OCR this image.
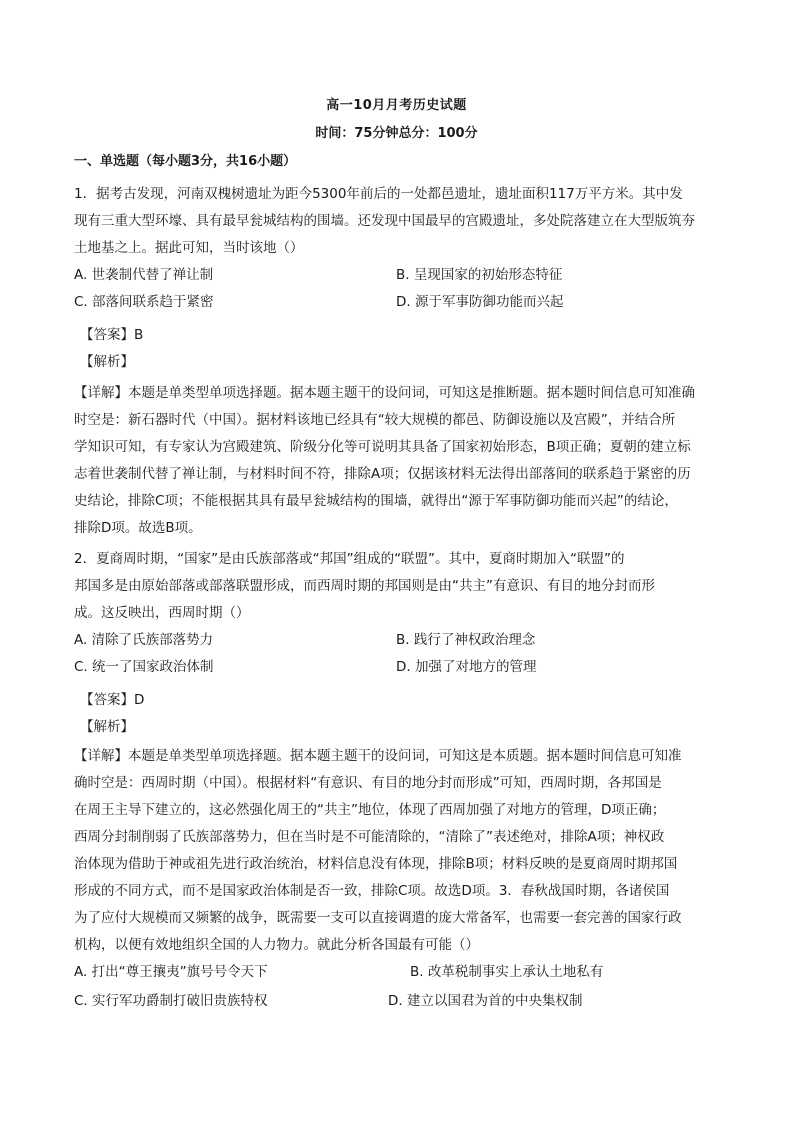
高一10月月考历史试题
时间：75分钟总分：100分
一、单选题（每小题3分，共16小题）
1．据考古发现，河南双槐树遗址为距今5300年前后的一处都邑遗址，遗址面积117万平方米。其中发
现有三重大型环壕、具有最早瓮城结构的围墙。还发现中国最早的宫殿遗址，多处院落建立在大型版筑夯
土地基之上。据此可知，当时该地（）
A. 世袭制代替了禅让制	B. 呈现国家的初始形态特征
C. 部落间联系趋于紧密	D. 源于军事防御功能而兴起
【答案】B
【解析】
【详解】本题是单类型单项选择题。据本题主题干的设问词，可知这是推断题。据本题时间信息可知准确
时空是：新石器时代（中国）。据材料该地已经具有“较大规模的都邑、防御设施以及宫殿”，并结合所
学知识可知，有专家认为宫殿建筑、阶级分化等可说明其具备了国家初始形态，B项正确；夏朝的建立标
志着世袭制代替了禅让制，与材料时间不符，排除A项；仅据该材料无法得出部落间的联系趋于紧密的历
史结论，排除C项；不能根据其具有最早瓮城结构的围墙，就得出“源于军事防御功能而兴起”的结论，
排除D项。故选B项。
2．夏商周时期，“国家”是由氏族部落或“邦国”组成的“联盟”。其中，夏商时期加入“联盟”的
邦国多是由原始部落或部落联盟形成，而西周时期的邦国则是由“共主”有意识、有目的地分封而形
成。这反映出，西周时期（）
A. 清除了氏族部落势力	B. 践行了神权政治理念
C. 统一了国家政治体制	D. 加强了对地方的管理
【答案】D
【解析】
【详解】本题是单类型单项选择题。据本题主题干的设问词，可知这是本质题。据本题时间信息可知准
确时空是：西周时期（中国）。根据材料“有意识、有目的地分封而形成”可知，西周时期，各邦国是
在周王主导下建立的，这必然强化周王的“共主”地位，体现了西周加强了对地方的管理，D项正确；
西周分封制削弱了氏族部落势力，但在当时是不可能清除的，“清除了”表述绝对，排除A项；神权政
治体现为借助于神或祖先进行政治统治，材料信息没有体现，排除B项；材料反映的是夏商周时期邦国
形成的不同方式，而不是国家政治体制是否一致，排除C项。故选D项。3．春秋战国时期，各诸侯国
为了应付大规模而又频繁的战争，既需要一支可以直接调遣的庞大常备军，也需要一套完善的国家行政
机构，以便有效地组织全国的人力物力。就此分析各国最有可能（）
A. 打出“尊王攘夷”旗号号令天下	B. 改革税制事实上承认土地私有
C. 实行军功爵制打破旧贵族特权	D. 建立以国君为首的中央集权制
